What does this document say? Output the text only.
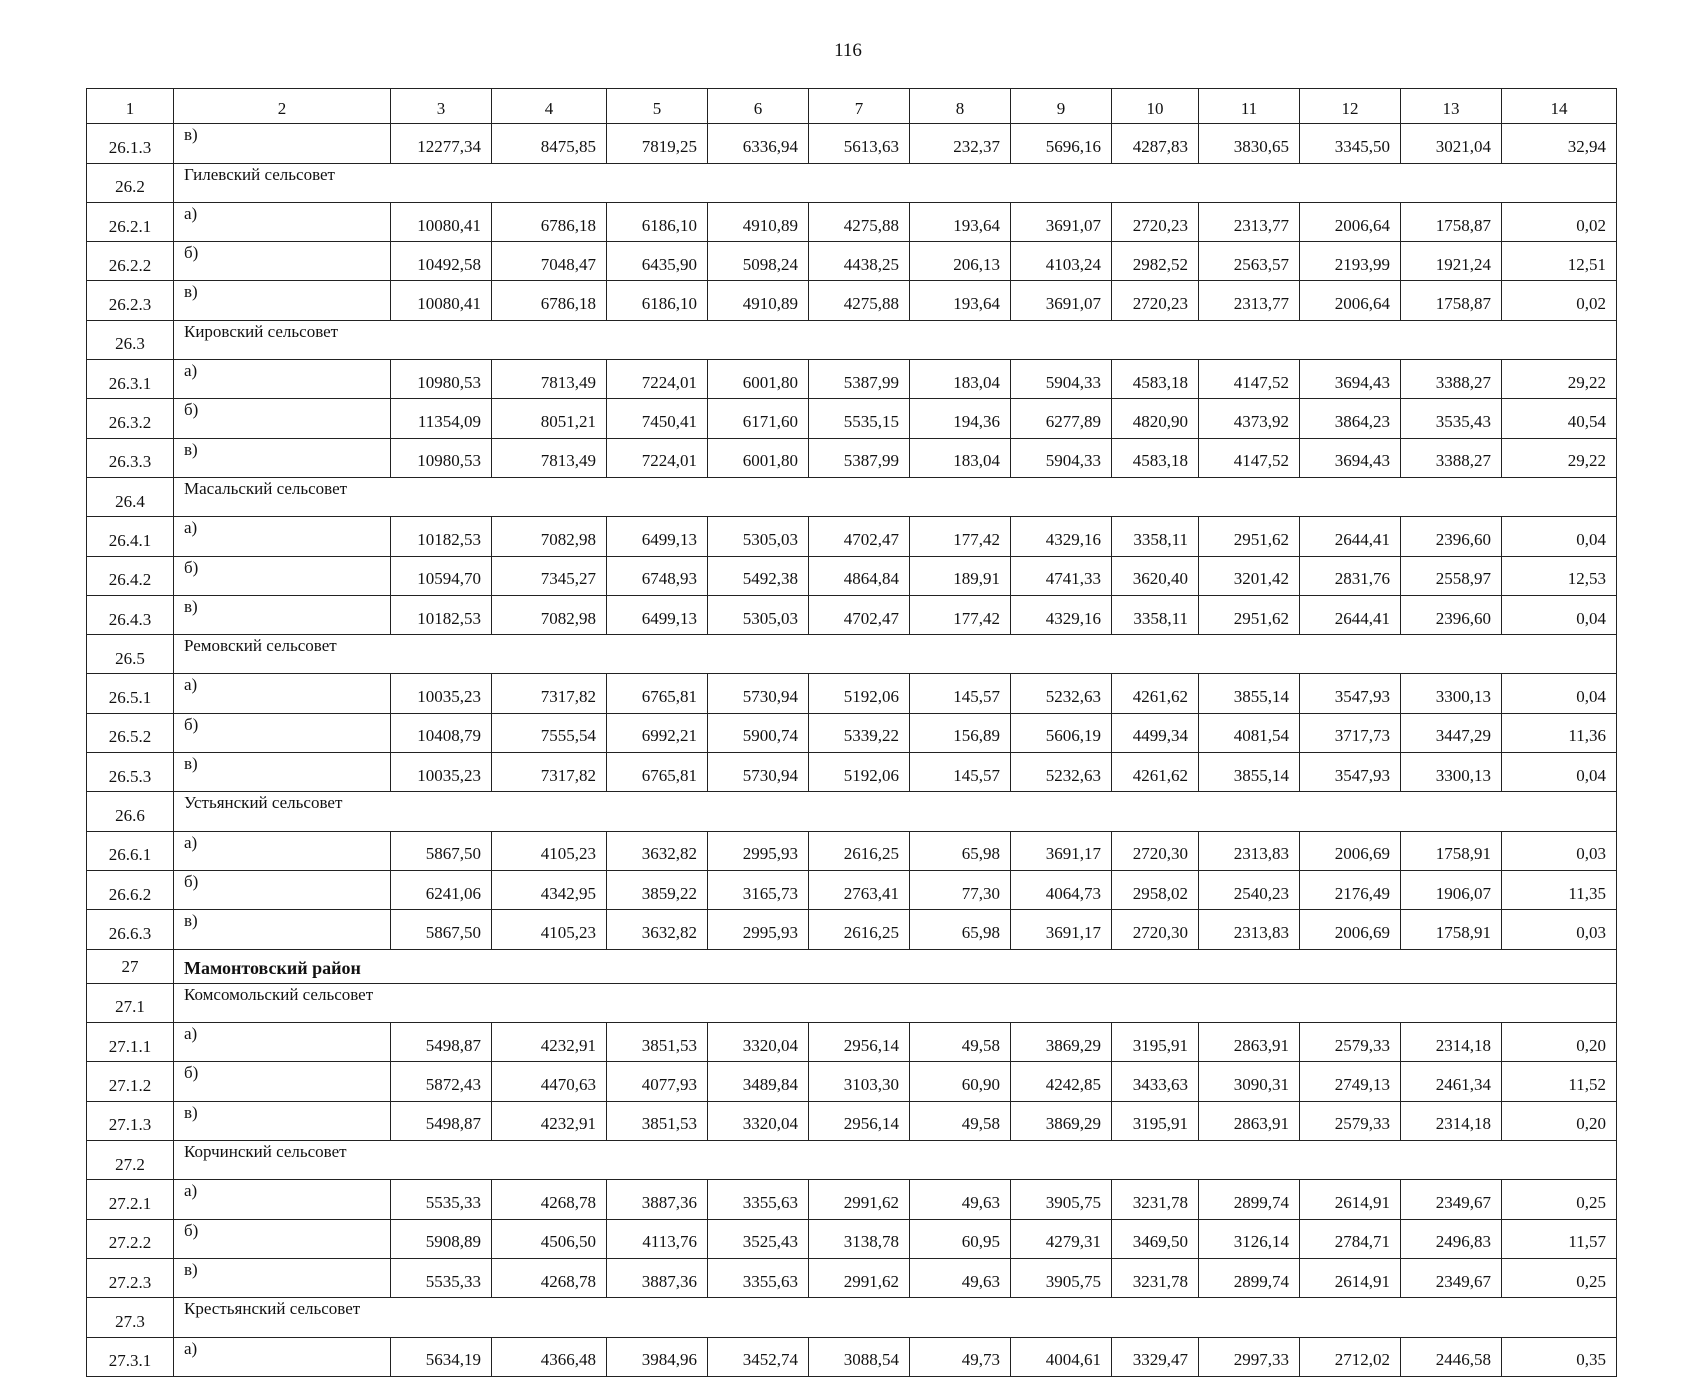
116
1	2	3	4	5	6	7	8	9	10	11	12	13	14
26.1.3	в)	12277,34	8475,85	7819,25	6336,94	5613,63	232,37	5696,16	4287,83	3830,65	3345,50	3021,04	32,94
26.2	Гилевский сельсовет												
26.2.1	а)	10080,41	6786,18	6186,10	4910,89	4275,88	193,64	3691,07	2720,23	2313,77	2006,64	1758,87	0,02
26.2.2	б)	10492,58	7048,47	6435,90	5098,24	4438,25	206,13	4103,24	2982,52	2563,57	2193,99	1921,24	12,51
26.2.3	в)	10080,41	6786,18	6186,10	4910,89	4275,88	193,64	3691,07	2720,23	2313,77	2006,64	1758,87	0,02
26.3	Кировский сельсовет												
26.3.1	а)	10980,53	7813,49	7224,01	6001,80	5387,99	183,04	5904,33	4583,18	4147,52	3694,43	3388,27	29,22
26.3.2	б)	11354,09	8051,21	7450,41	6171,60	5535,15	194,36	6277,89	4820,90	4373,92	3864,23	3535,43	40,54
26.3.3	в)	10980,53	7813,49	7224,01	6001,80	5387,99	183,04	5904,33	4583,18	4147,52	3694,43	3388,27	29,22
26.4	Масальский сельсовет												
26.4.1	а)	10182,53	7082,98	6499,13	5305,03	4702,47	177,42	4329,16	3358,11	2951,62	2644,41	2396,60	0,04
26.4.2	б)	10594,70	7345,27	6748,93	5492,38	4864,84	189,91	4741,33	3620,40	3201,42	2831,76	2558,97	12,53
26.4.3	в)	10182,53	7082,98	6499,13	5305,03	4702,47	177,42	4329,16	3358,11	2951,62	2644,41	2396,60	0,04
26.5	Ремовский сельсовет												
26.5.1	а)	10035,23	7317,82	6765,81	5730,94	5192,06	145,57	5232,63	4261,62	3855,14	3547,93	3300,13	0,04
26.5.2	б)	10408,79	7555,54	6992,21	5900,74	5339,22	156,89	5606,19	4499,34	4081,54	3717,73	3447,29	11,36
26.5.3	в)	10035,23	7317,82	6765,81	5730,94	5192,06	145,57	5232,63	4261,62	3855,14	3547,93	3300,13	0,04
26.6	Устьянский сельсовет												
26.6.1	а)	5867,50	4105,23	3632,82	2995,93	2616,25	65,98	3691,17	2720,30	2313,83	2006,69	1758,91	0,03
26.6.2	б)	6241,06	4342,95	3859,22	3165,73	2763,41	77,30	4064,73	2958,02	2540,23	2176,49	1906,07	11,35
26.6.3	в)	5867,50	4105,23	3632,82	2995,93	2616,25	65,98	3691,17	2720,30	2313,83	2006,69	1758,91	0,03
27	Мамонтовский район												
27.1	Комсомольский сельсовет												
27.1.1	а)	5498,87	4232,91	3851,53	3320,04	2956,14	49,58	3869,29	3195,91	2863,91	2579,33	2314,18	0,20
27.1.2	б)	5872,43	4470,63	4077,93	3489,84	3103,30	60,90	4242,85	3433,63	3090,31	2749,13	2461,34	11,52
27.1.3	в)	5498,87	4232,91	3851,53	3320,04	2956,14	49,58	3869,29	3195,91	2863,91	2579,33	2314,18	0,20
27.2	Корчинский сельсовет												
27.2.1	а)	5535,33	4268,78	3887,36	3355,63	2991,62	49,63	3905,75	3231,78	2899,74	2614,91	2349,67	0,25
27.2.2	б)	5908,89	4506,50	4113,76	3525,43	3138,78	60,95	4279,31	3469,50	3126,14	2784,71	2496,83	11,57
27.2.3	в)	5535,33	4268,78	3887,36	3355,63	2991,62	49,63	3905,75	3231,78	2899,74	2614,91	2349,67	0,25
27.3	Крестьянский сельсовет												
27.3.1	а)	5634,19	4366,48	3984,96	3452,74	3088,54	49,73	4004,61	3329,47	2997,33	2712,02	2446,58	0,35
